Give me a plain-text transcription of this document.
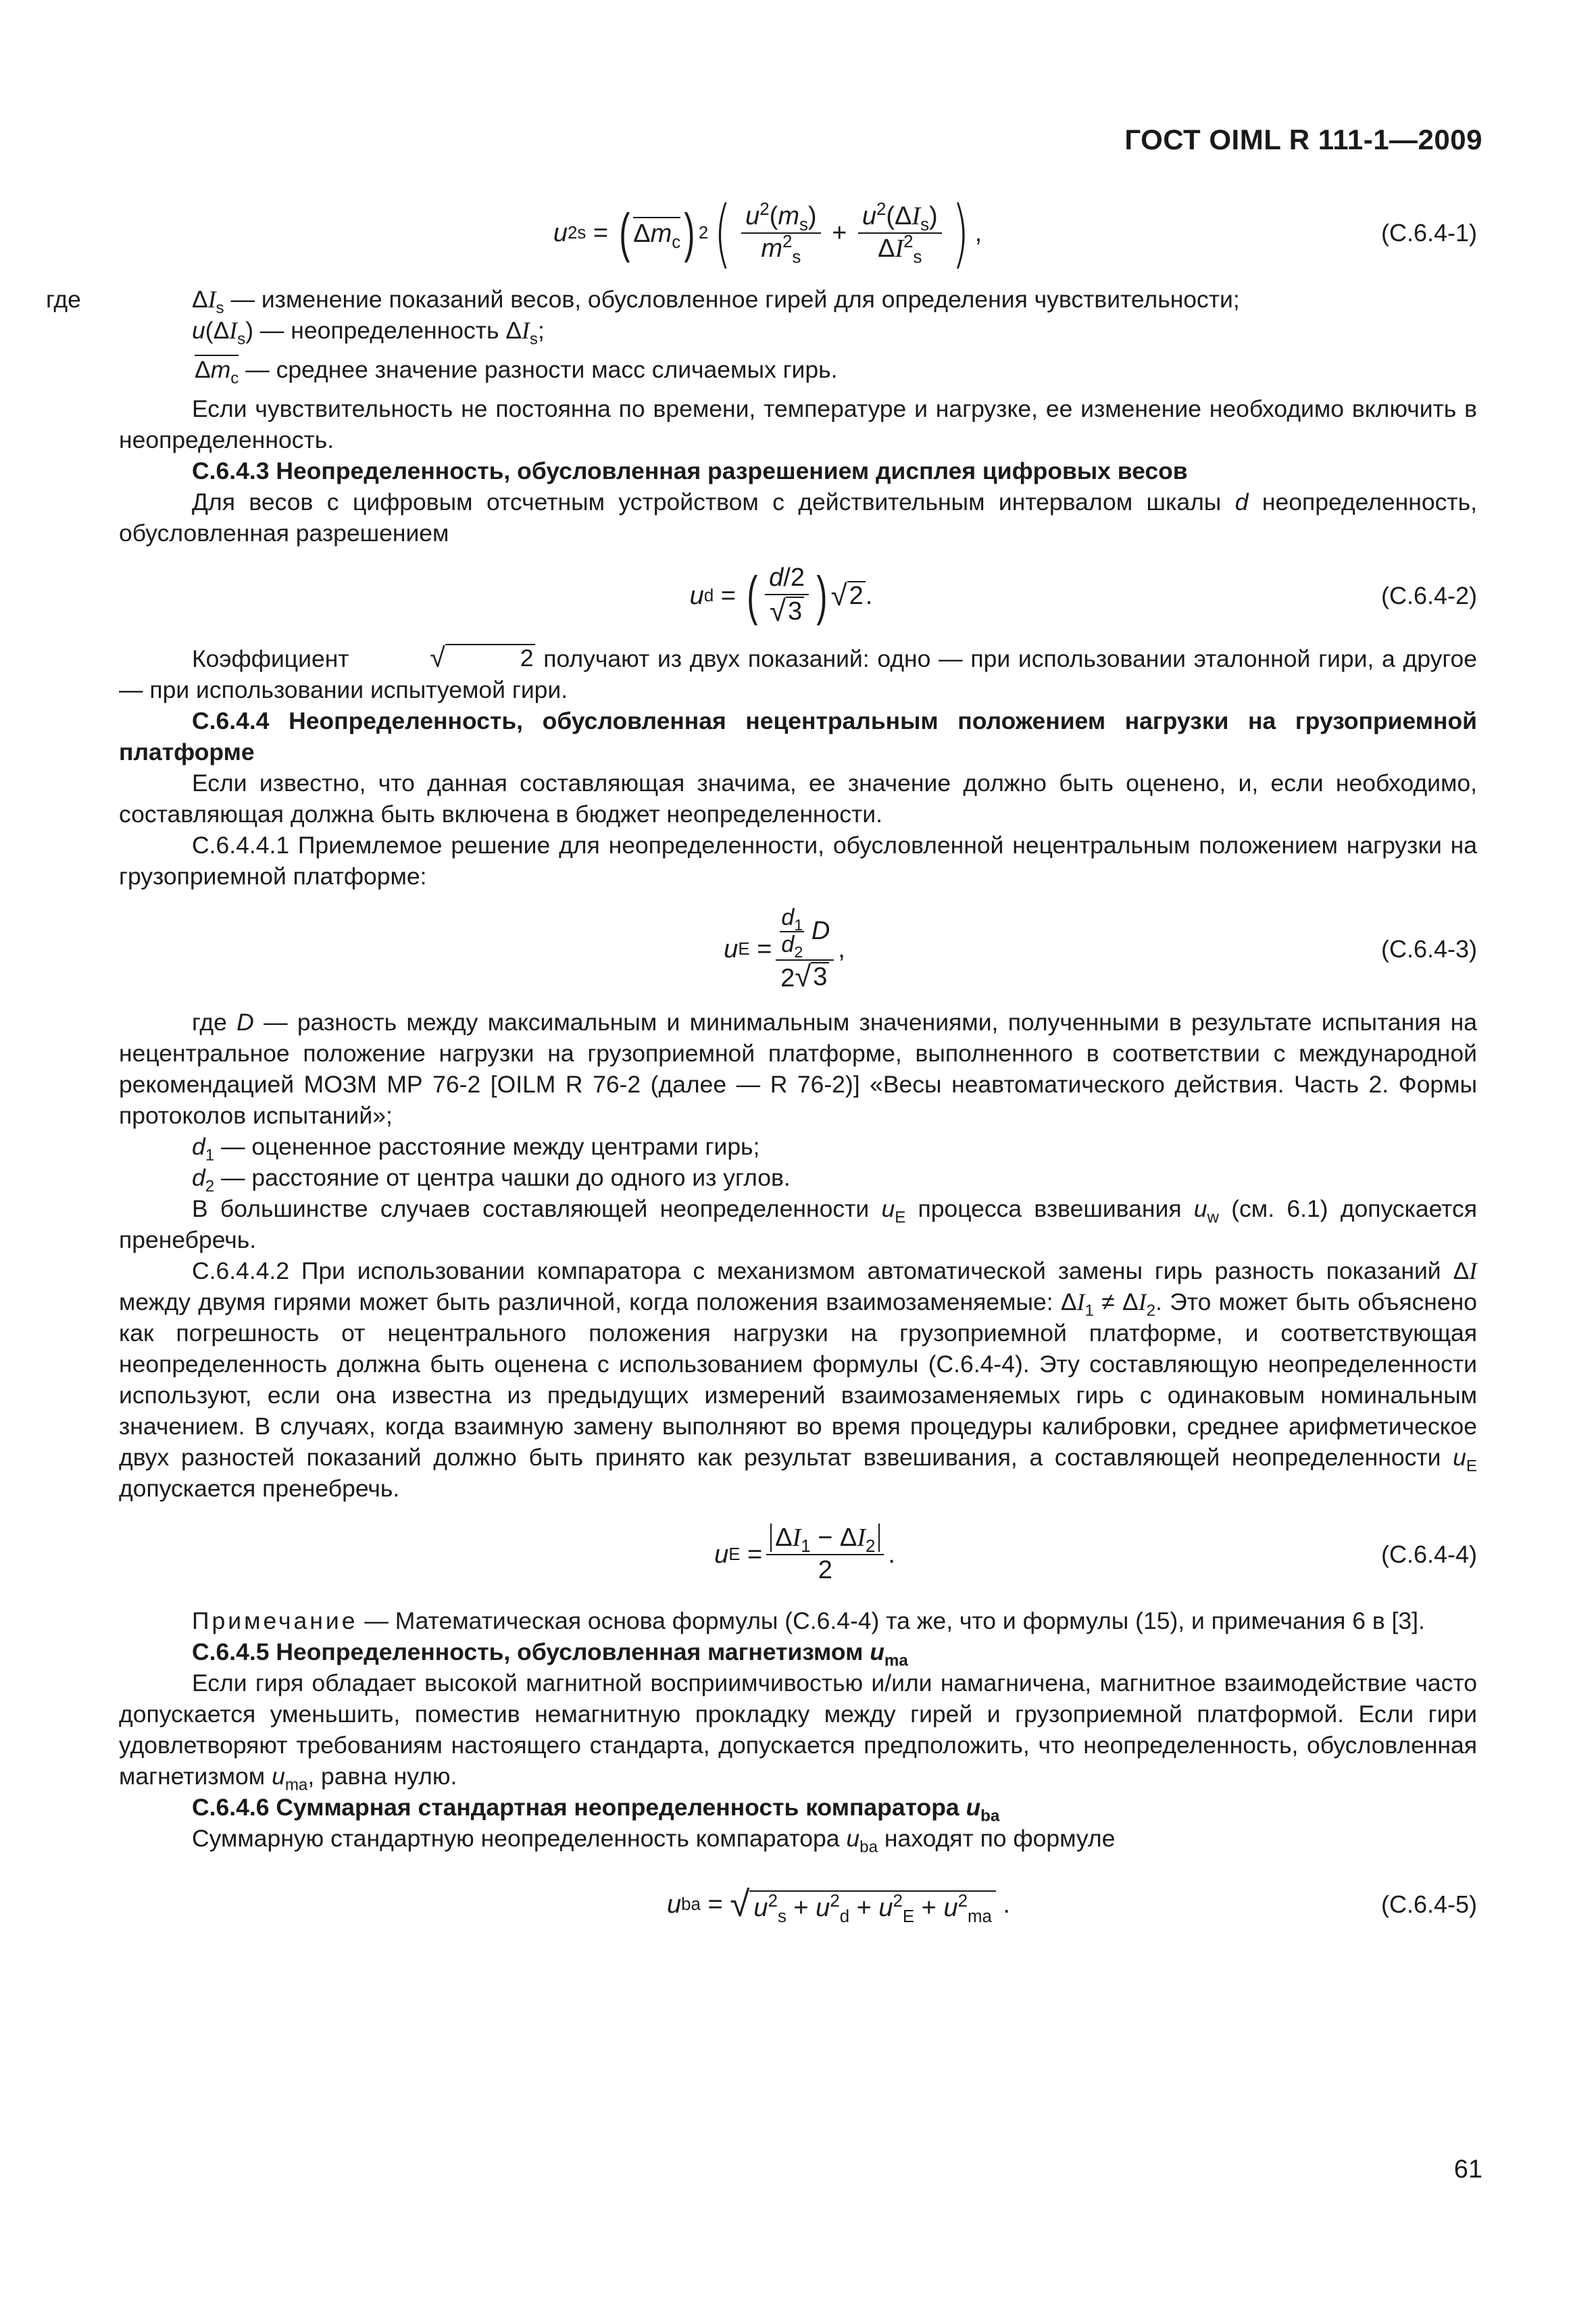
ГОСТ OIML R 111-1—2009
u 2 s = ( $\Delta m_c$ ) 2 ( $\frac{u^2(m_s)}{m^2_s} + \frac{u^2(\Delta I_s)}{\Delta I^2_s}$ ) ,	(C.6.4-1)

где	$\Delta I_s$ — изменение показаний весов, обусловленное гирей для определения чувствительности;

$u(\Delta I_s)$ — неопределенность $\Delta I_s$;

$\Delta m_c$ — среднее значение разности масс сличаемых гирь.

Если чувствительность не постоянна по времени, температуре и нагрузке, ее изменение необходимо включить в неопределенность.

С.6.4.3 Неопределенность, обусловленная разрешением дисплея цифровых весов

Для весов с цифровым отсчетным устройством с действительным интервалом шкалы d неопределенность, обусловленная разрешением

u d = ( $\frac{d/2}{√ 3}$ ) √ 2 .	(C.6.4-2)

Коэффициент	√	2 получают из двух показаний: одно — при использовании эталонной гири, а другое — при использовании испытуемой гири.

С.6.4.4 Неопределенность, обусловленная нецентральным положением нагрузки на грузоприемной платформе

Если известно, что данная составляющая значима, ее значение должно быть оценено, и, если необходимо, составляющая должна быть включена в бюджет неопределенности.

С.6.4.4.1 Приемлемое решение для неопределенности, обусловленной нецентральным положением нагрузки на грузоприемной платформе:

u $E = \frac{d_1}{d_2}$
D
2 √ 3 ,	(C.6.4-3)

где D — разность между максимальным и минимальным значениями, полученными в результате испытания на нецентральное положение нагрузки на грузоприемной платформе, выполненного в соответствии с международной рекомендацией МОЗМ МР 76-2 [OILM R 76-2 (далее — R 76-2)] «Весы неавтоматического действия. Часть 2. Формы протоколов испытаний»;

$d_1$ — оцененное расстояние между центрами гирь;

$d_2$ — расстояние от центра чашки до одного из углов.

В большинстве случаев составляющей неопределенности $u_E$ процесса взвешивания $u_w$ (см. 6.1) допускается пренебречь.

С.6.4.4.2 При использовании компаратора с механизмом автоматической замены гирь разность показаний ΔI между двумя гирями может быть различной, когда положения взаимозаменяемые: $\Delta I_1 \ne \Delta I_2$. Это может быть объяснено как погрешность от нецентрального положения нагрузки на грузоприемной платформе, и соответствующая неопределенность должна быть оценена с использованием формулы (С.6.4-4). Эту составляющую неопределенности используют, если она известна из предыдущих измерений взаимозаменяемых гирь с одинаковым номинальным значением. В случаях, когда взаимную замену выполняют во время процедуры калибровки, среднее арифметическое двух разностей показаний должно быть принято как результат взвешивания, а составляющей неопределенности $u_E$ допускается пренебречь.

u $E = \frac{\Delta I_1 - \Delta I_2}{2}$ .	(C.6.4-4)

Примечание — Математическая основа формулы (С.6.4-4) та же, что и формулы (15), и примечания 6 в [3].

С.6.4.5 Неопределенность, обусловленная магнетизмом $u_{ma}$

Если гиря обладает высокой магнитной восприимчивостью и/или намагничена, магнитное взаимодействие часто допускается уменьшить, поместив немагнитную прокладку между гирей и грузоприемной платформой. Если гири удовлетворяют требованиям настоящего стандарта, допускается предположить, что неопределенность, обусловленная магнетизмом $u_{ma}$, равна нулю.

С.6.4.6 Суммарная стандартная неопределенность компаратора $u_{ba}$

Суммарную стандартную неопределенность компаратора $u_{ba}$ находят по формуле

u ba = √ $u^2_s + u^2_d + u^2_E + u^2_{ma}$ .	(C.6.4-5)
61
